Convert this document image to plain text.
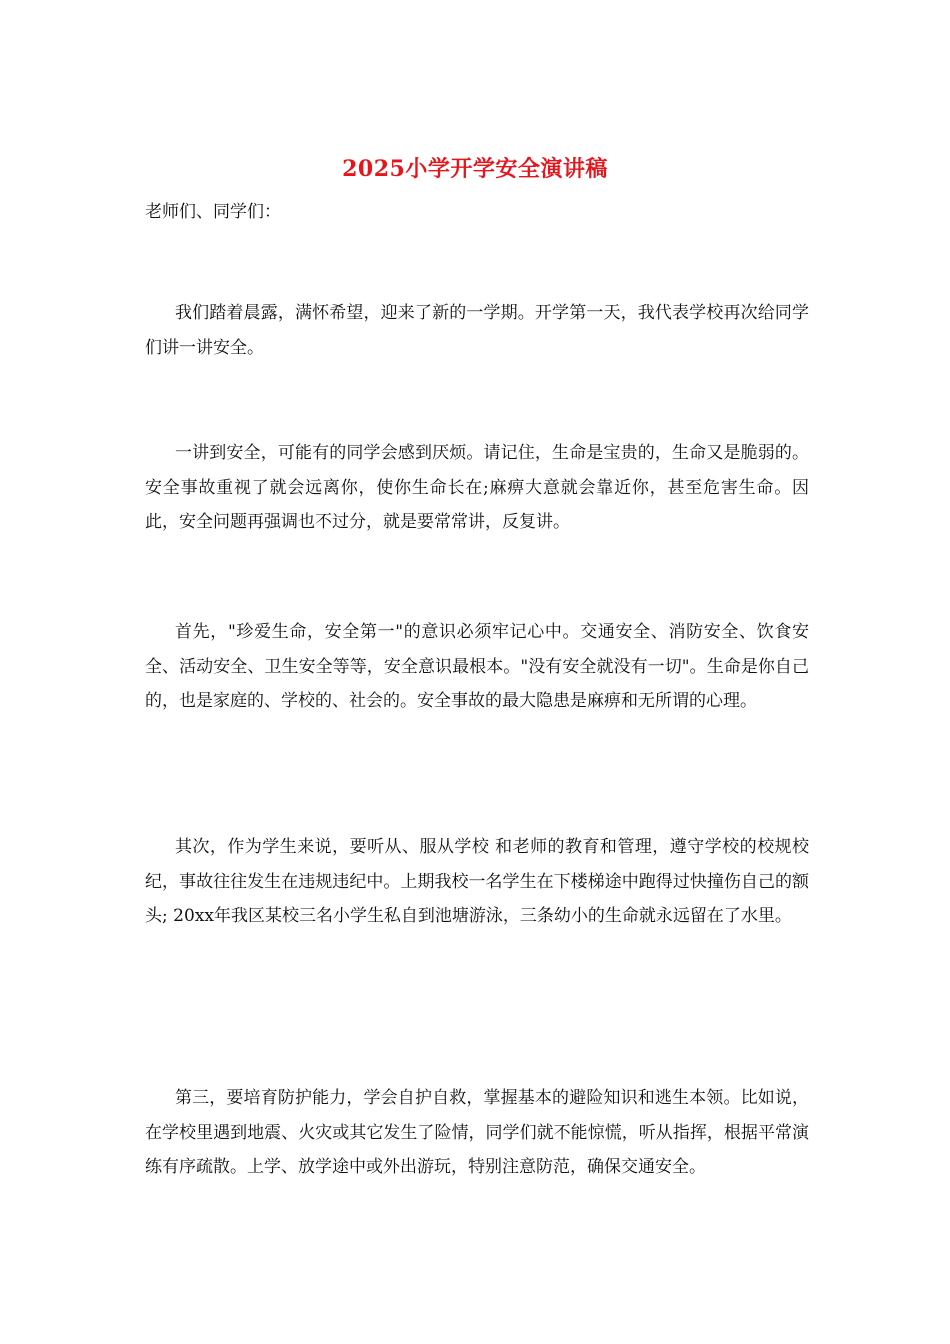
2025小学开学安全演讲稿
老师们、同学们：

我们踏着晨露，满怀希望，迎来了新的一学期。开学第一天，我代表学校再次给同学们讲一讲安全。

一讲到安全，可能有的同学会感到厌烦。请记住，生命是宝贵的，生命又是脆弱的。安全事故重视了就会远离你，使你生命长在;麻痹大意就会靠近你，甚至危害生命。因此，安全问题再强调也不过分，就是要常常讲，反复讲。

首先，"珍爱生命，安全第一"的意识必须牢记心中。交通安全、消防安全、饮食安全、活动安全、卫生安全等等，安全意识最根本。"没有安全就没有一切"。生命是你自己的，也是家庭的、学校的、社会的。安全事故的最大隐患是麻痹和无所谓的心理。

其次，作为学生来说，要听从、服从学校 和老师的教育和管理，遵守学校的校规校纪，事故往往发生在违规违纪中。上期我校一名学生在下楼梯途中跑得过快撞伤自己的额头; 20xx年我区某校三名小学生私自到池塘游泳，三条幼小的生命就永远留在了水里。

第三，要培育防护能力，学会自护自救，掌握基本的避险知识和逃生本领。比如说，在学校里遇到地震、火灾或其它发生了险情，同学们就不能惊慌，听从指挥，根据平常演练有序疏散。上学、放学途中或外出游玩，特别注意防范，确保交通安全。
